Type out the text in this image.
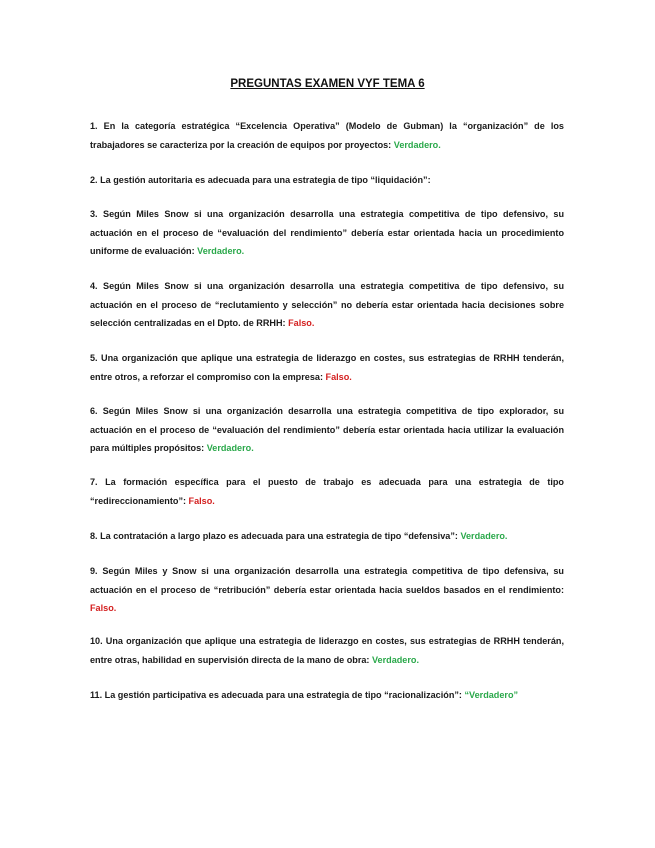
PREGUNTAS EXAMEN VYF TEMA 6

1. En la categoría estratégica “Excelencia Operativa” (Modelo de Gubman) la “organización” de los trabajadores se caracteriza por la creación de equipos por proyectos: Verdadero.

2. La gestión autoritaria es adecuada para una estrategia de tipo “liquidación”:

3. Según Miles Snow si una organización desarrolla una estrategia competitiva de tipo defensivo, su actuación en el proceso de “evaluación del rendimiento” debería estar orientada hacia un procedimiento uniforme de evaluación: Verdadero.

4. Según Miles Snow si una organización desarrolla una estrategia competitiva de tipo defensivo, su actuación en el proceso de “reclutamiento y selección” no debería estar orientada hacia decisiones sobre selección centralizadas en el Dpto. de RRHH: Falso.

5. Una organización que aplique una estrategia de liderazgo en costes, sus estrategias de RRHH tenderán, entre otros, a reforzar el compromiso con la empresa: Falso.

6. Según Miles Snow si una organización desarrolla una estrategia competitiva de tipo explorador, su actuación en el proceso de “evaluación del rendimiento” debería estar orientada hacia utilizar la evaluación para múltiples propósitos: Verdadero.

7. La formación específica para el puesto de trabajo es adecuada para una estrategia de tipo “redireccionamiento”: Falso.

8. La contratación a largo plazo es adecuada para una estrategia de tipo “defensiva”: Verdadero.

9. Según Miles y Snow si una organización desarrolla una estrategia competitiva de tipo defensiva, su actuación en el proceso de “retribución” debería estar orientada hacia sueldos basados en el rendimiento: Falso.

10. Una organización que aplique una estrategia de liderazgo en costes, sus estrategias de RRHH tenderán, entre otras, habilidad en supervisión directa de la mano de obra: Verdadero.

11. La gestión participativa es adecuada para una estrategia de tipo “racionalización”: “Verdadero”
